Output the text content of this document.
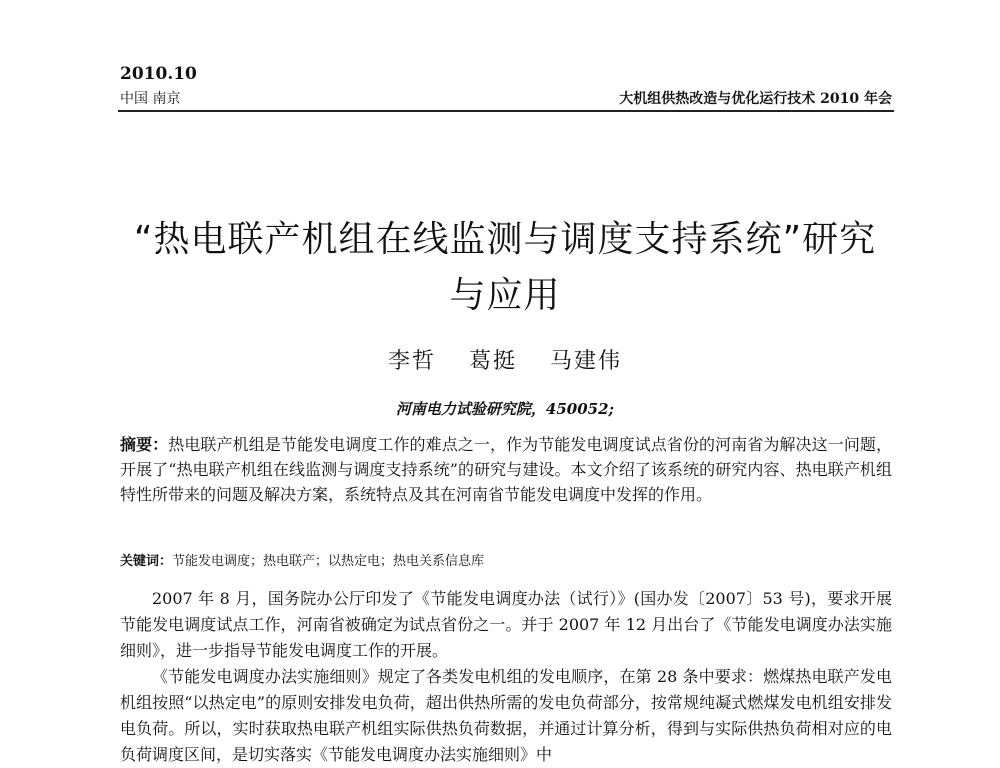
2010.10
中国 南京	大机组供热改造与优化运行技术 2010 年会
“热电联产机组在线监测与调度支持系统”研究与应用
李哲 葛挺 马建伟
河南电力试验研究院，450052;
摘要：热电联产机组是节能发电调度工作的难点之一，作为节能发电调度试点省份的河南省为解决这一问题，开展了“热电联产机组在线监测与调度支持系统”的研究与建设。本文介绍了该系统的研究内容、热电联产机组特性所带来的问题及解决方案，系统特点及其在河南省节能发电调度中发挥的作用。
关键词：节能发电调度；热电联产；以热定电；热电关系信息库

2007 年 8 月，国务院办公厅印发了《节能发电调度办法（试行）》(国办发〔2007〕53 号)，要求开展节能发电调度试点工作，河南省被确定为试点省份之一。并于 2007 年 12 月出台了《节能发电调度办法实施细则》，进一步指导节能发电调度工作的开展。

《节能发电调度办法实施细则》规定了各类发电机组的发电顺序，在第 28 条中要求：燃煤热电联产发电机组按照“以热定电”的原则安排发电负荷，超出供热所需的发电负荷部分，按常规纯凝式燃煤发电机组安排发电负荷。所以，实时获取热电联产机组实际供热负荷数据，并通过计算分析，得到与实际供热负荷相对应的电负荷调度区间，是切实落实《节能发电调度办法实施细则》中
